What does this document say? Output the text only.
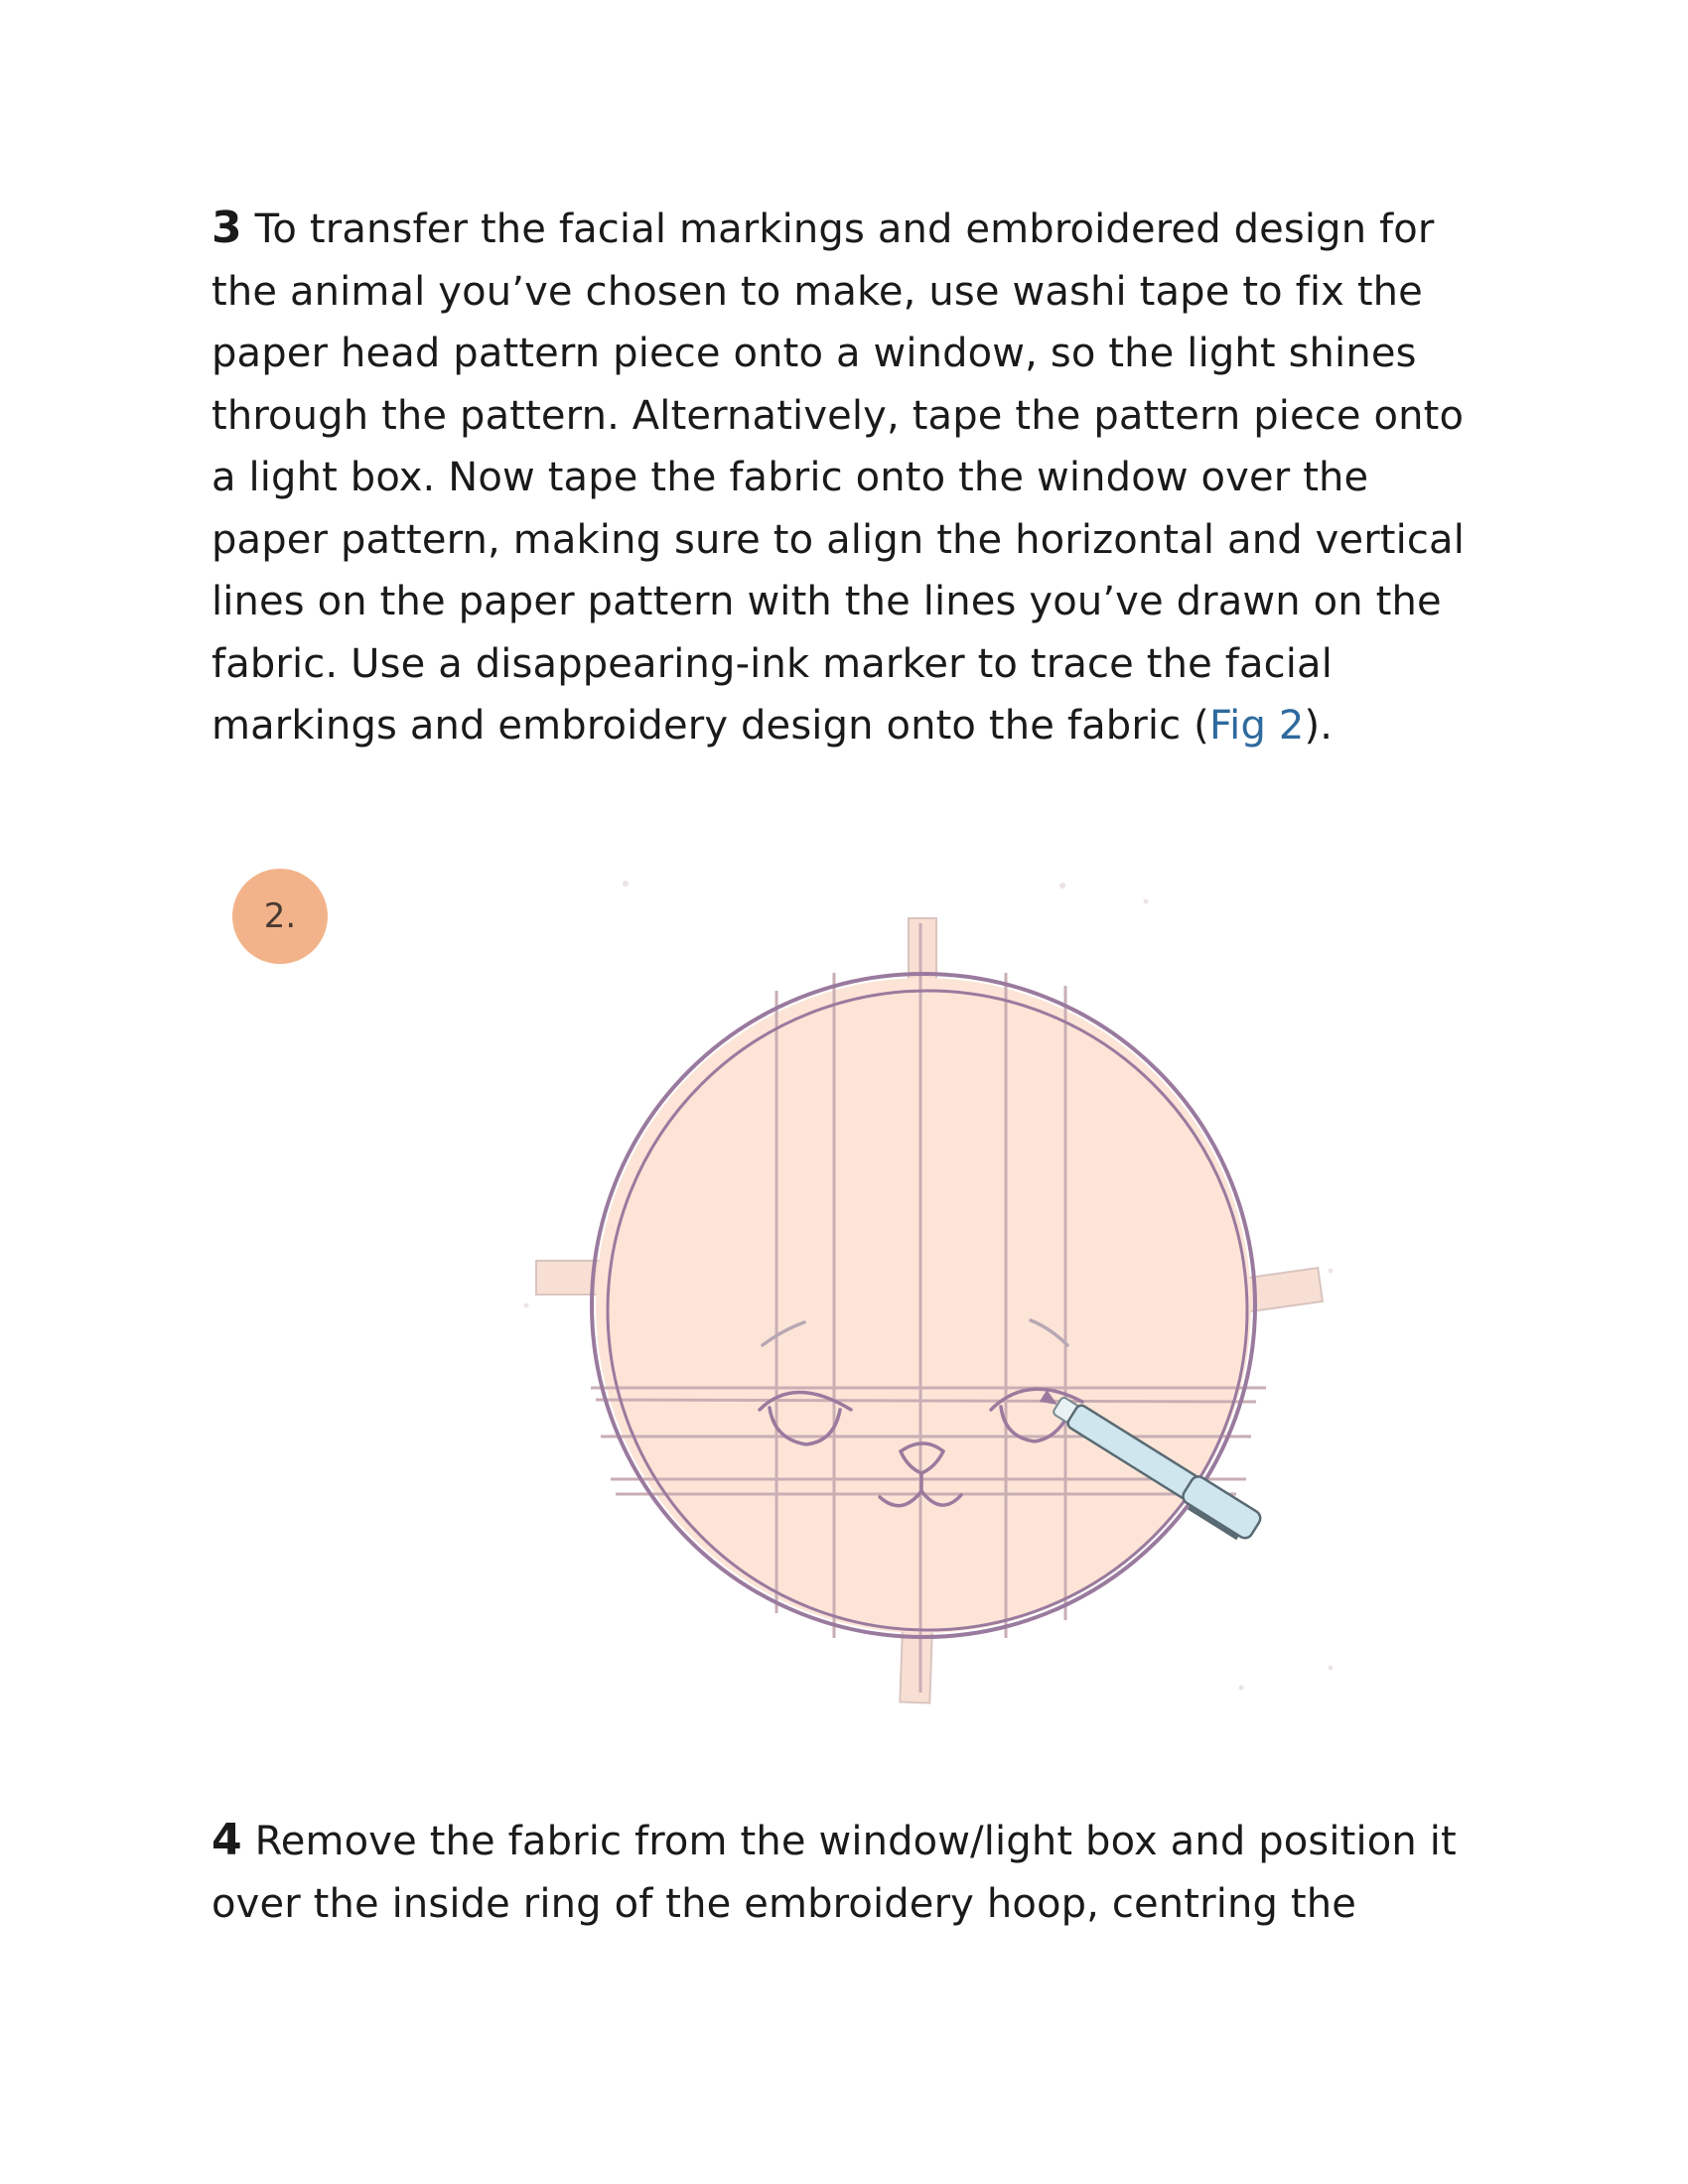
3 To transfer the facial markings and embroidered design for the animal you’ve chosen to make, use washi tape to fix the paper head pattern piece onto a window, so the light shines through the pattern. Alternatively, tape the pattern piece onto a light box. Now tape the fabric onto the window over the paper pattern, making sure to align the horizontal and vertical lines on the paper pattern with the lines you’ve drawn on the fabric. Use a disappearing-ink marker to trace the facial markings and embroidery design onto the fabric (Fig 2).

2.

4 Remove the fabric from the window/light box and position it over the inside ring of the embroidery hoop, centring the
